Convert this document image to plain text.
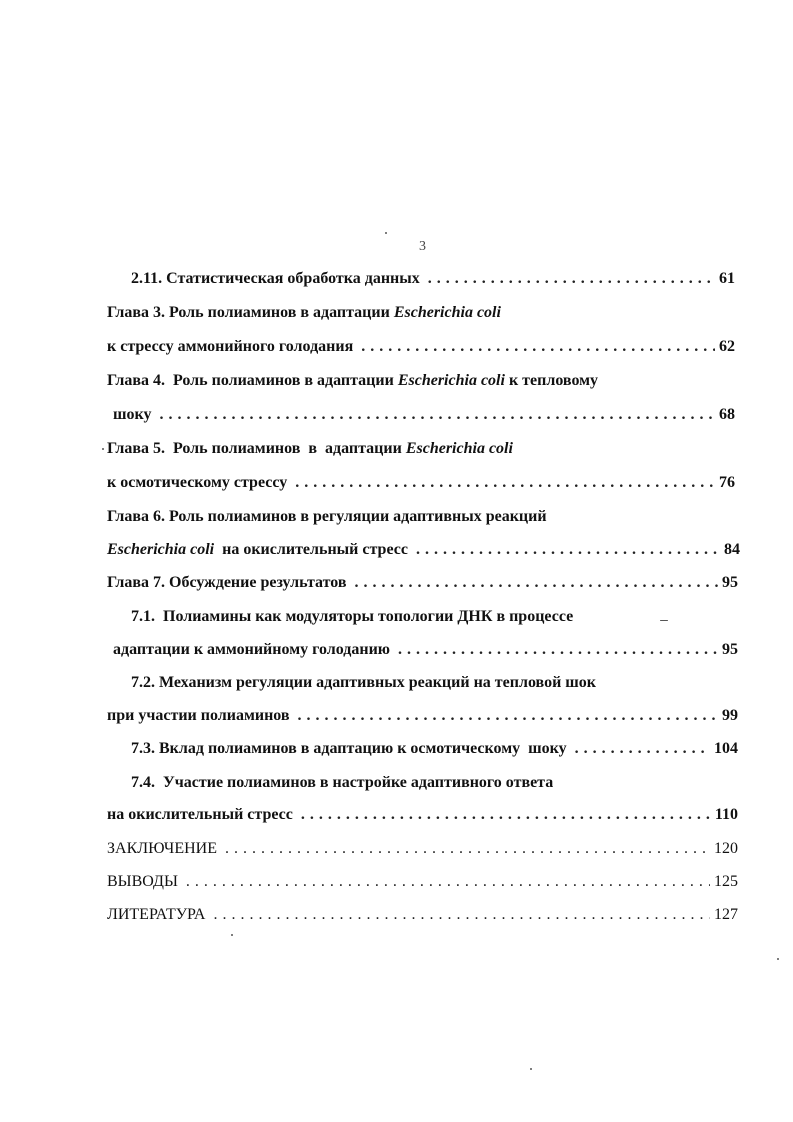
3
2.11. Статистическая обработка данных .....	61
Глава 3. Роль полиаминов в адаптации Escherichia coli
к стрессу аммонийного голодания .....	62
Глава 4.  Роль полиаминов в адаптации Escherichia coli к тепловому
шоку .....	68
Глава 5.  Роль полиаминов  в  адаптации Escherichia coli
к осмотическому стрессу .....	76
Глава 6. Роль полиаминов в регуляции адаптивных реакций
Escherichia coli  на окислительный стресс .....	84
Глава 7. Обсуждение результатов .....	95
7.1.  Полиамины как модуляторы топологии ДНК в процессе
адаптации к аммонийному голоданию .....	95
7.2. Механизм регуляции адаптивных реакций на тепловой шок
при участии полиаминов .....	99
7.3. Вклад полиаминов в адаптацию к осмотическому  шоку .....	104
7.4.  Участие полиаминов в настройке адаптивного ответа
на окислительный стресс .....	110
ЗАКЛЮЧЕНИЕ .....	120
ВЫВОДЫ .....	125
ЛИТЕРАТУРА .....	127
